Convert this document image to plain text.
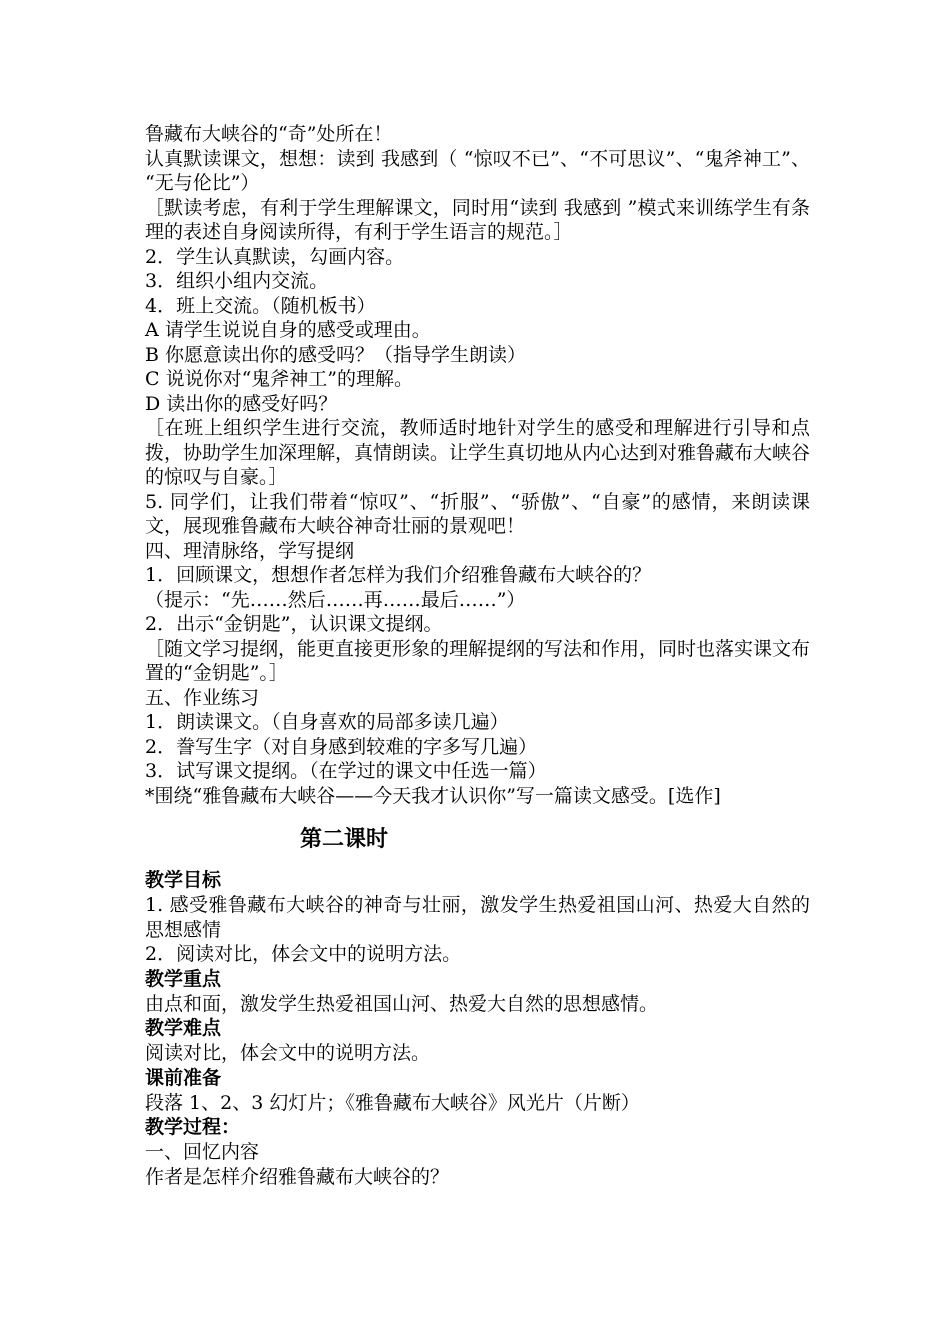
鲁藏布大峡谷的“奇”处所在！

认真默读课文，想想：读到 我感到（ “惊叹不已”、“不可思议”、“鬼斧神工”、 “无与伦比”）

［默读考虑，有利于学生理解课文，同时用“读到 我感到 ”模式来训练学生有条理的表述自身阅读所得，有利于学生语言的规范。］

2．学生认真默读，勾画内容。

3．组织小组内交流。

4．班上交流。（随机板书）

A 请学生说说自身的感受或理由。

B 你愿意读出你的感受吗？（指导学生朗读）

C 说说你对“鬼斧神工”的理解。

D 读出你的感受好吗？

［在班上组织学生进行交流，教师适时地针对学生的感受和理解进行引导和点拨，协助学生加深理解，真情朗读。让学生真切地从内心达到对雅鲁藏布大峡谷的惊叹与自豪。］

5. 同学们，让我们带着“惊叹”、“折服”、“骄傲”、“自豪”的感情，来朗读课文，展现雅鲁藏布大峡谷神奇壮丽的景观吧！

四、理清脉络，学写提纲

1．回顾课文，想想作者怎样为我们介绍雅鲁藏布大峡谷的？

（提示：“先……然后……再……最后……”）

2．出示“金钥匙”，认识课文提纲。

［随文学习提纲，能更直接更形象的理解提纲的写法和作用，同时也落实课文布置的“金钥匙”。］

五、作业练习

1．朗读课文。（自身喜欢的局部多读几遍）

2．誊写生字（对自身感到较难的字多写几遍）

3．试写课文提纲。（在学过的课文中任选一篇）

*围绕“雅鲁藏布大峡谷——今天我才认识你”写一篇读文感受。[选作]

第二课时

教学目标

1. 感受雅鲁藏布大峡谷的神奇与壮丽，激发学生热爱祖国山河、热爱大自然的思想感情

2．阅读对比，体会文中的说明方法。

教学重点

由点和面，激发学生热爱祖国山河、热爱大自然的思想感情。

教学难点

阅读对比，体会文中的说明方法。

课前准备

段落 1、2、3 幻灯片；《雅鲁藏布大峡谷》风光片（片断）

教学过程：

一、回忆内容

作者是怎样介绍雅鲁藏布大峡谷的？
